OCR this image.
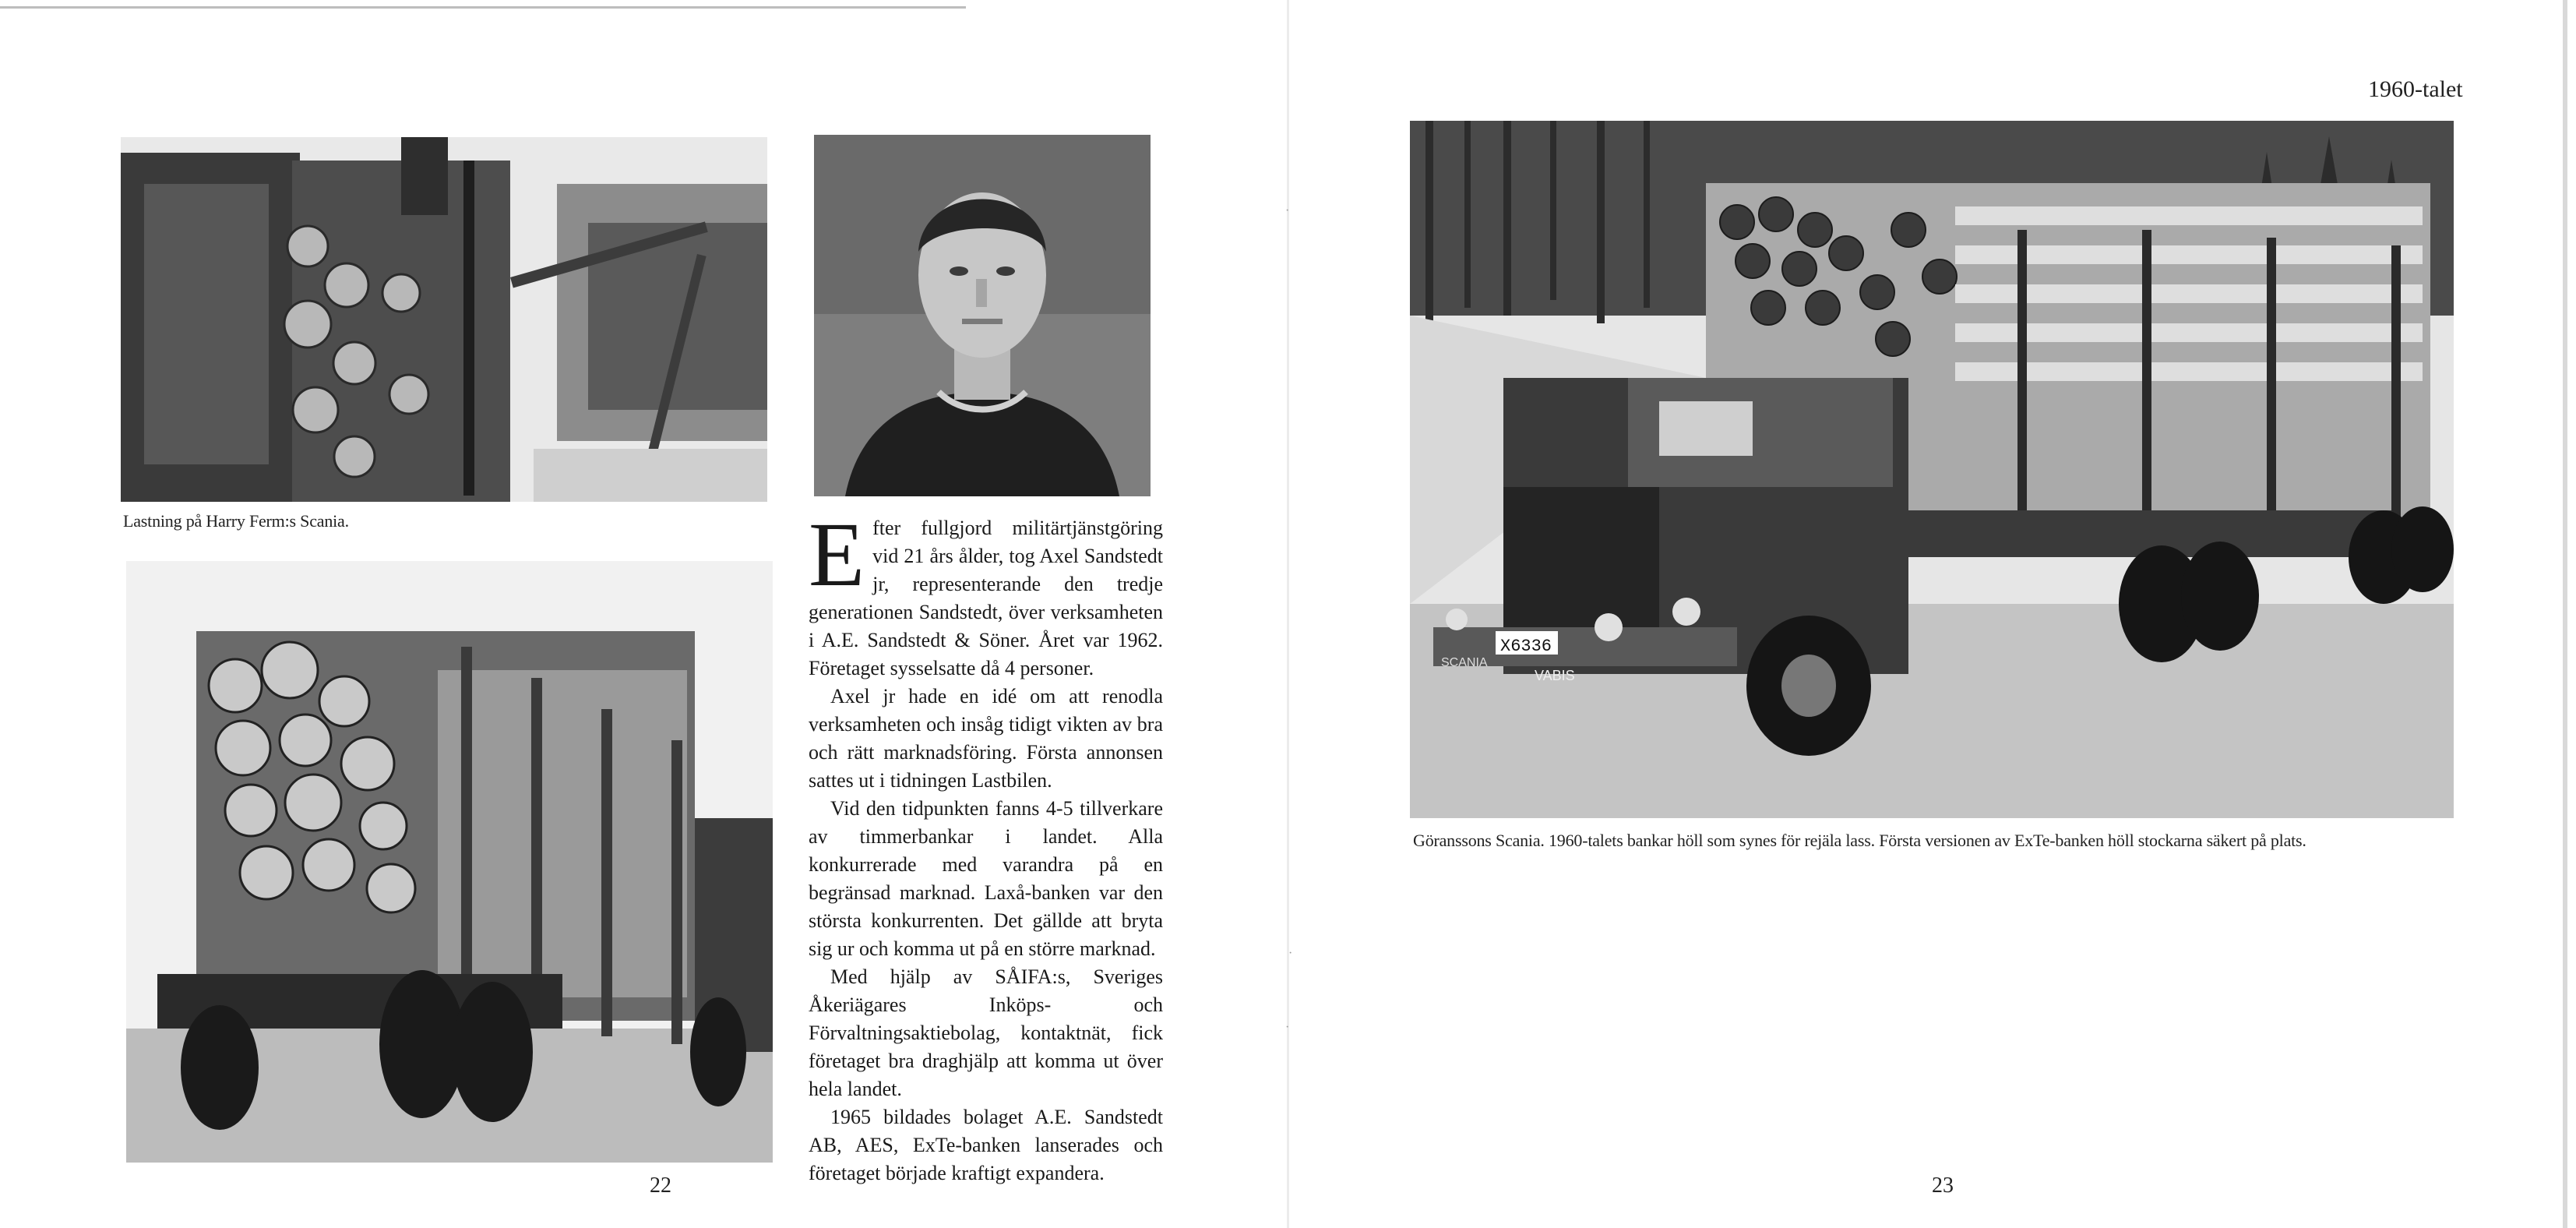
Lastning på Harry Ferm:s Scania.
22
E fter fullgjord militärtjänstgöring vid 21 års ålder, tog Axel Sandstedt jr, representerande den tredje generationen Sandstedt, över verksamheten i A.E. Sandstedt & Söner. Året var 1962. Företaget sysselsatte då 4 personer.

Axel jr hade en idé om att renodla verksamheten och insåg tidigt vikten av bra och rätt marknadsföring. Första annonsen sattes ut i tidningen Lastbilen.

Vid den tidpunkten fanns 4-5 tillverkare av timmerbankar i landet. Alla konkurrerade med varandra på en begränsad marknad. Laxå-banken var den största konkurrenten. Det gällde att bryta sig ur och komma ut på en större marknad.

Med hjälp av SÅIFA:s, Sveriges Åkeriägares Inköps- och Förvaltningsaktiebolag, kontaktnät, fick företaget bra draghjälp att komma ut över hela landet.

1965 bildades bolaget A.E. Sandstedt AB, AES, ExTe-banken lanserades och företaget började kraftigt expandera.

1960-talet
X6336
SCANIA
VABIS
Göranssons Scania. 1960-talets bankar höll som synes för rejäla lass. Första versionen av ExTe-banken höll stockarna säkert på plats.
23
·
·
·
